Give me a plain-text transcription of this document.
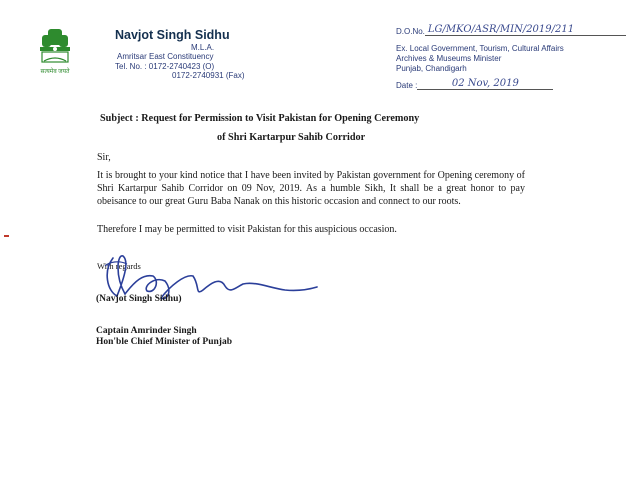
सत्यमेव जयते
Navjot Singh Sidhu
M.L.A.
Amritsar East Constituency
Tel. No. : 0172-2740423 (O)
0172-2740931 (Fax)
D.O.No. LG/MKO/ASR/MIN/2019/211
Ex. Local Government, Tourism, Cultural Affairs
Archives & Museums Minister
Punjab, Chandigarh
Date :	02 Nov, 2019
Subject : Request for Permission to Visit Pakistan for Opening Ceremony
of Shri Kartarpur Sahib Corridor
Sir,
It is brought to your kind notice that I have been invited by Pakistan government for Opening ceremony of Shri Kartarpur Sahib Corridor on 09 Nov, 2019. As a humble Sikh, It shall be a great honor to pay obeisance to our great Guru Baba Nanak on this historic occasion and connect to our roots.
Therefore I may be permitted to visit Pakistan for this auspicious occasion.
With regards
(Navjot Singh Sidhu)
Captain Amrinder Singh
Hon'ble Chief Minister of Punjab
